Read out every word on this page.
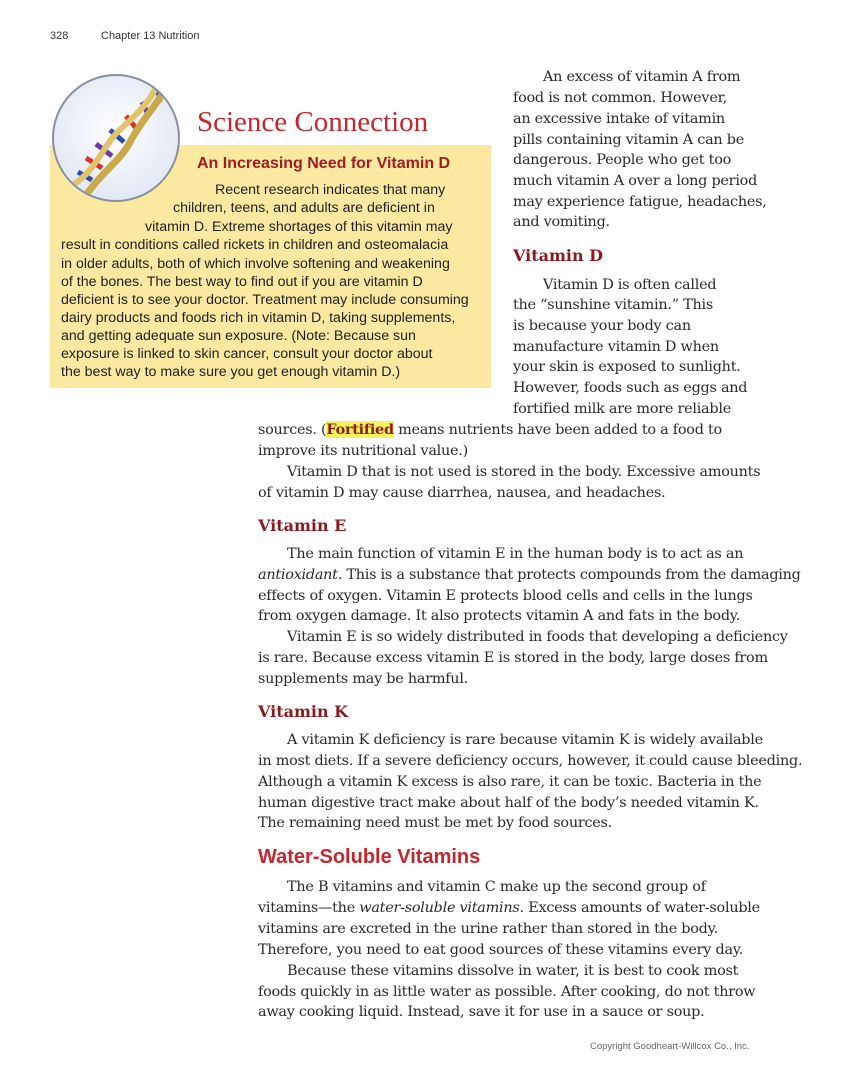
328	Chapter 13 Nutrition
Science Connection
An Increasing Need for Vitamin D
Recent research indicates that many
children, teens, and adults are deficient in
vitamin D. Extreme shortages of this vitamin may
result in conditions called rickets in children and osteomalacia
in older adults, both of which involve softening and weakening
of the bones. The best way to find out if you are vitamin D
deficient is to see your doctor. Treatment may include consuming
dairy products and foods rich in vitamin D, taking supplements,
and getting adequate sun exposure. (Note: Because sun
exposure is linked to skin cancer, consult your doctor about
the best way to make sure you get enough vitamin D.)
An excess of vitamin A from
food is not common. However,
an excessive intake of vitamin
pills containing vitamin A can be
dangerous. People who get too
much vitamin A over a long period
may experience fatigue, headaches,
and vomiting.
Vitamin D
Vitamin D is often called
the “sunshine vitamin.” This
is because your body can
manufacture vitamin D when
your skin is exposed to sunlight.
However, foods such as eggs and
fortified milk are more reliable
sources. (Fortified means nutrients have been added to a food to
improve its nutritional value.)
Vitamin D that is not used is stored in the body. Excessive amounts
of vitamin D may cause diarrhea, nausea, and headaches.
Vitamin E
The main function of vitamin E in the human body is to act as an
antioxidant. This is a substance that protects compounds from the damaging
effects of oxygen. Vitamin E protects blood cells and cells in the lungs
from oxygen damage. It also protects vitamin A and fats in the body.
Vitamin E is so widely distributed in foods that developing a deficiency
is rare. Because excess vitamin E is stored in the body, large doses from
supplements may be harmful.
Vitamin K
A vitamin K deficiency is rare because vitamin K is widely available
in most diets. If a severe deficiency occurs, however, it could cause bleeding.
Although a vitamin K excess is also rare, it can be toxic. Bacteria in the
human digestive tract make about half of the body’s needed vitamin K.
The remaining need must be met by food sources.
Water-Soluble Vitamins
The B vitamins and vitamin C make up the second group of
vitamins—the water-soluble vitamins. Excess amounts of water-soluble
vitamins are excreted in the urine rather than stored in the body.
Therefore, you need to eat good sources of these vitamins every day.
Because these vitamins dissolve in water, it is best to cook most
foods quickly in as little water as possible. After cooking, do not throw
away cooking liquid. Instead, save it for use in a sauce or soup.
Copyright Goodheart-Willcox Co., Inc.
